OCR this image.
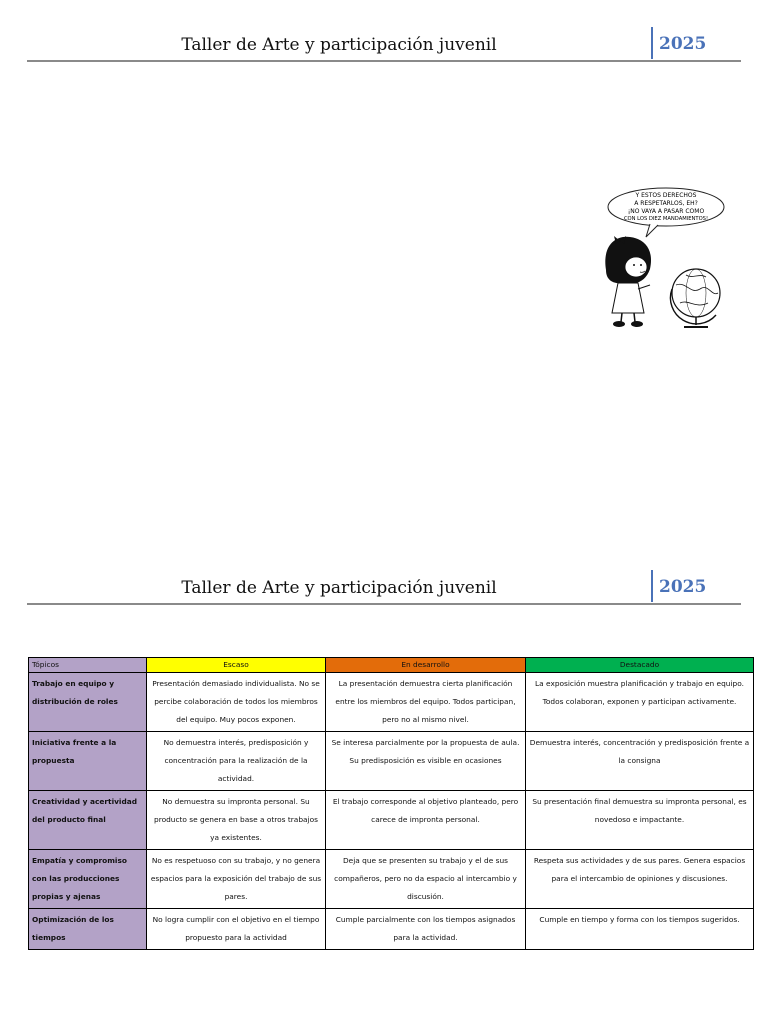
Taller de Arte y participación juvenil	2025
Y ESTOS DERECHOS
A RESPETARLOS, EH?
¡NO VAYA A PASAR COMO
CON LOS DIEZ MANDAMIENTOS!
Taller de Arte y participación juvenil	2025
Tópicos	Escaso	En desarrollo	Destacado
Trabajo en equipo y distribución de roles	Presentación demasiado individualista. No se percibe colaboración de todos los miembros del equipo. Muy pocos exponen.	La presentación demuestra cierta planificación entre los miembros del equipo. Todos participan, pero no al mismo nivel.	La exposición muestra planificación y trabajo en equipo. Todos colaboran, exponen y participan activamente.
Iniciativa frente a la propuesta	No demuestra interés, predisposición y concentración para la realización de la actividad.	Se interesa parcialmente por la propuesta de aula. Su predisposición es visible en ocasiones	Demuestra interés, concentración y predisposición frente a la consigna
Creatividad y acertividad del producto final	No demuestra su impronta personal. Su producto se genera en base a otros trabajos ya existentes.	El trabajo corresponde al objetivo planteado, pero carece de impronta personal.	Su presentación final demuestra su impronta personal, es novedoso e impactante.
Empatía y compromiso con las producciones propias y ajenas	No es respetuoso con su trabajo, y no genera espacios para la exposición del trabajo de sus pares.	Deja que se presenten su trabajo y el de sus compañeros, pero no da espacio al intercambio y discusión.	Respeta sus actividades y de sus pares. Genera espacios para el intercambio de opiniones y discusiones.
Optimización de los tiempos	No logra cumplir con el objetivo en el tiempo propuesto para la actividad	Cumple parcialmente con los tiempos asignados para la actividad.	Cumple en tiempo y forma con los tiempos sugeridos.
